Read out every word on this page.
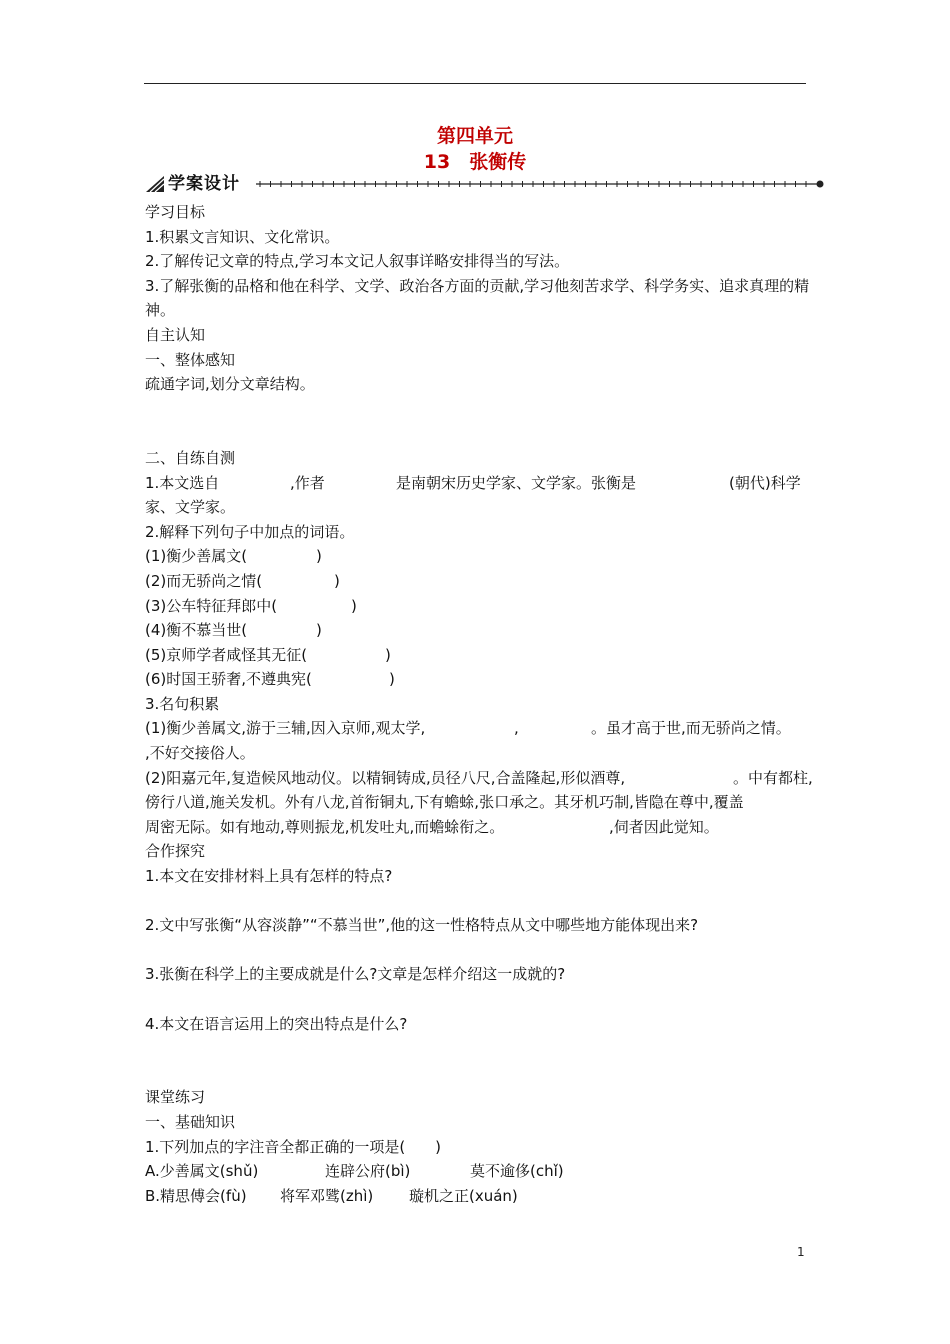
第四单元
13　张衡传
学案设计
学习目标
1.积累文言知识、文化常识。
2.了解传记文章的特点,学习本文记人叙事详略安排得当的写法。
3.了解张衡的品格和他在科学、文学、政治各方面的贡献,学习他刻苦求学、科学务实、追求真理的精神。
自主认知
一、整体感知
疏通字词,划分文章结构。
二、自练自测
1.本文选自	,作者	是南朝宋历史学家、文学家。张衡是	(朝代)科学
家、文学家。
2.解释下列句子中加点的词语。
(1)衡少善属文(	)
(2)而无骄尚之情(	)
(3)公车特征拜郎中(	)
(4)衡不慕当世(	)
(5)京师学者咸怪其无征(	)
(6)时国王骄奢,不遵典宪(	)
3.名句积累
(1)衡少善属文,游于三辅,因入京师,观太学,	,	。虽才高于世,而无骄尚之情。
,不好交接俗人。
(2)阳嘉元年,复造候风地动仪。以精铜铸成,员径八尺,合盖隆起,形似酒尊,	。中有都柱,
傍行八道,施关发机。外有八龙,首衔铜丸,下有蟾蜍,张口承之。其牙机巧制,皆隐在尊中,覆盖
周密无际。如有地动,尊则振龙,机发吐丸,而蟾蜍衔之。	,伺者因此觉知。
合作探究
1.本文在安排材料上具有怎样的特点?
2.文中写张衡“从容淡静”“不慕当世”,他的这一性格特点从文中哪些地方能体现出来?
3.张衡在科学上的主要成就是什么?文章是怎样介绍这一成就的?
4.本文在语言运用上的突出特点是什么?
课堂练习
一、基础知识
1.下列加点的字注音全都正确的一项是(　　)
A.少善属文(shǔ)	连辟公府(bì)	莫不逾侈(chǐ)
B.精思傅会(fù) 将军邓骘(zhì) 璇机之正(xuán)
1
